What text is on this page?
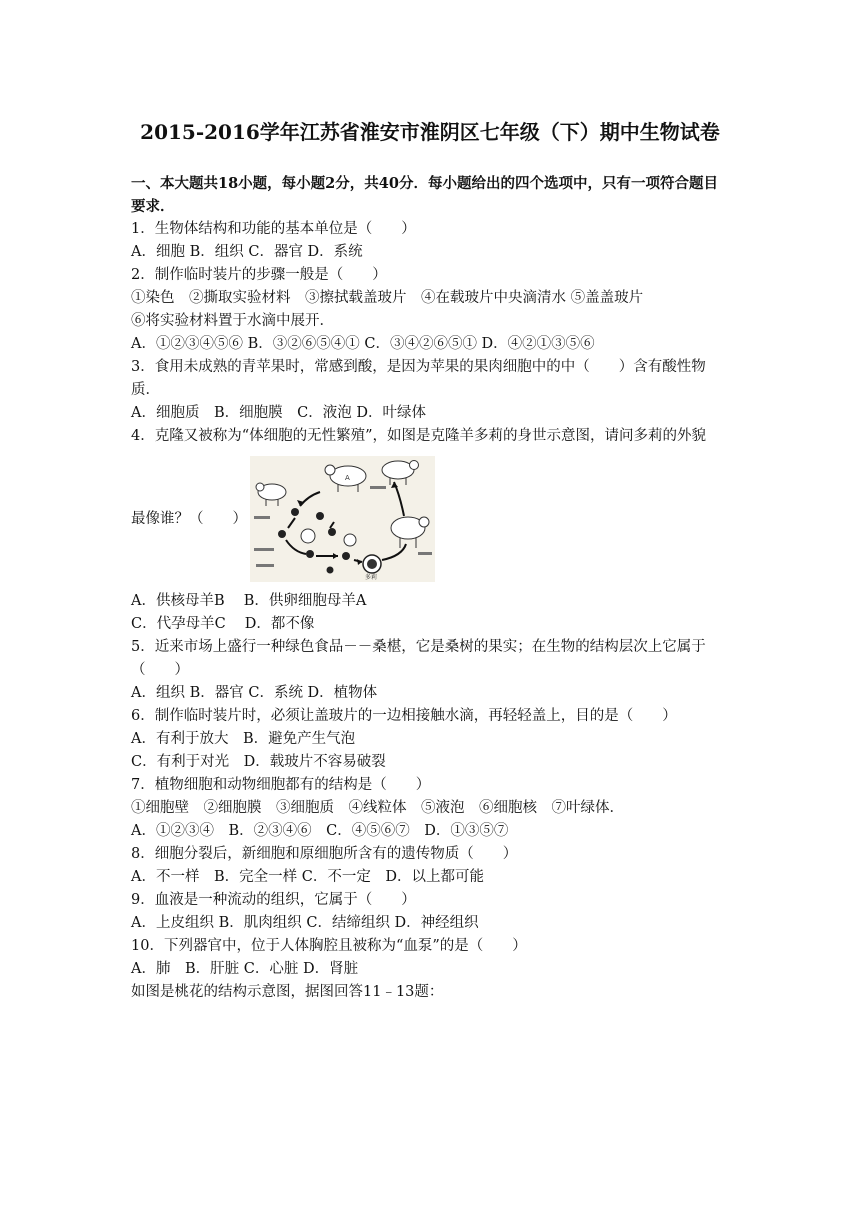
2015-2016学年江苏省淮安市淮阴区七年级（下）期中生物试卷
一、本大题共18小题，每小题2分，共40分．每小题给出的四个选项中，只有一项符合题目要求．
1．生物体结构和功能的基本单位是（　　）
A．细胞 B．组织 C．器官 D．系统
2．制作临时装片的步骤一般是（　　）
①染色　②撕取实验材料　③擦拭载盖玻片　④在载玻片中央滴清水 ⑤盖盖玻片
⑥将实验材料置于水滴中展开．
A．①②③④⑤⑥ B．③②⑥⑤④① C．③④②⑥⑤① D．④②①③⑤⑥
3．食用未成熟的青苹果时，常感到酸，是因为苹果的果肉细胞中的中（　　）含有酸性物质．
A．细胞质　B．细胞膜　C．液泡 D．叶绿体
4．克隆又被称为“体细胞的无性繁殖”，如图是克隆羊多莉的身世示意图，请问多莉的外貌
最像谁？（　　）
A
多莉
A．供核母羊B　 B．供卵细胞母羊A
C．代孕母羊C　 D．都不像
5．近来市场上盛行一种绿色食品－－桑椹，它是桑树的果实；在生物的结构层次上它属于（　　）
A．组织 B．器官 C．系统 D．植物体
6．制作临时装片时，必须让盖玻片的一边相接触水滴，再轻轻盖上，目的是（　　）
A．有利于放大　B．避免产生气泡
C．有利于对光　D．载玻片不容易破裂
7．植物细胞和动物细胞都有的结构是（　　）
①细胞壁　②细胞膜　③细胞质　④线粒体　⑤液泡　⑥细胞核　⑦叶绿体．
A．①②③④　B．②③④⑥　C．④⑤⑥⑦　D．①③⑤⑦
8．细胞分裂后，新细胞和原细胞所含有的遗传物质（　　）
A．不一样　B．完全一样 C．不一定　D．以上都可能
9．血液是一种流动的组织，它属于（　　）
A．上皮组织 B．肌肉组织 C．结缔组织 D．神经组织
10．下列器官中，位于人体胸腔且被称为“血泵”的是（　　）
A．肺　B．肝脏 C．心脏 D．肾脏
如图是桃花的结构示意图，据图回答11﹣13题：
